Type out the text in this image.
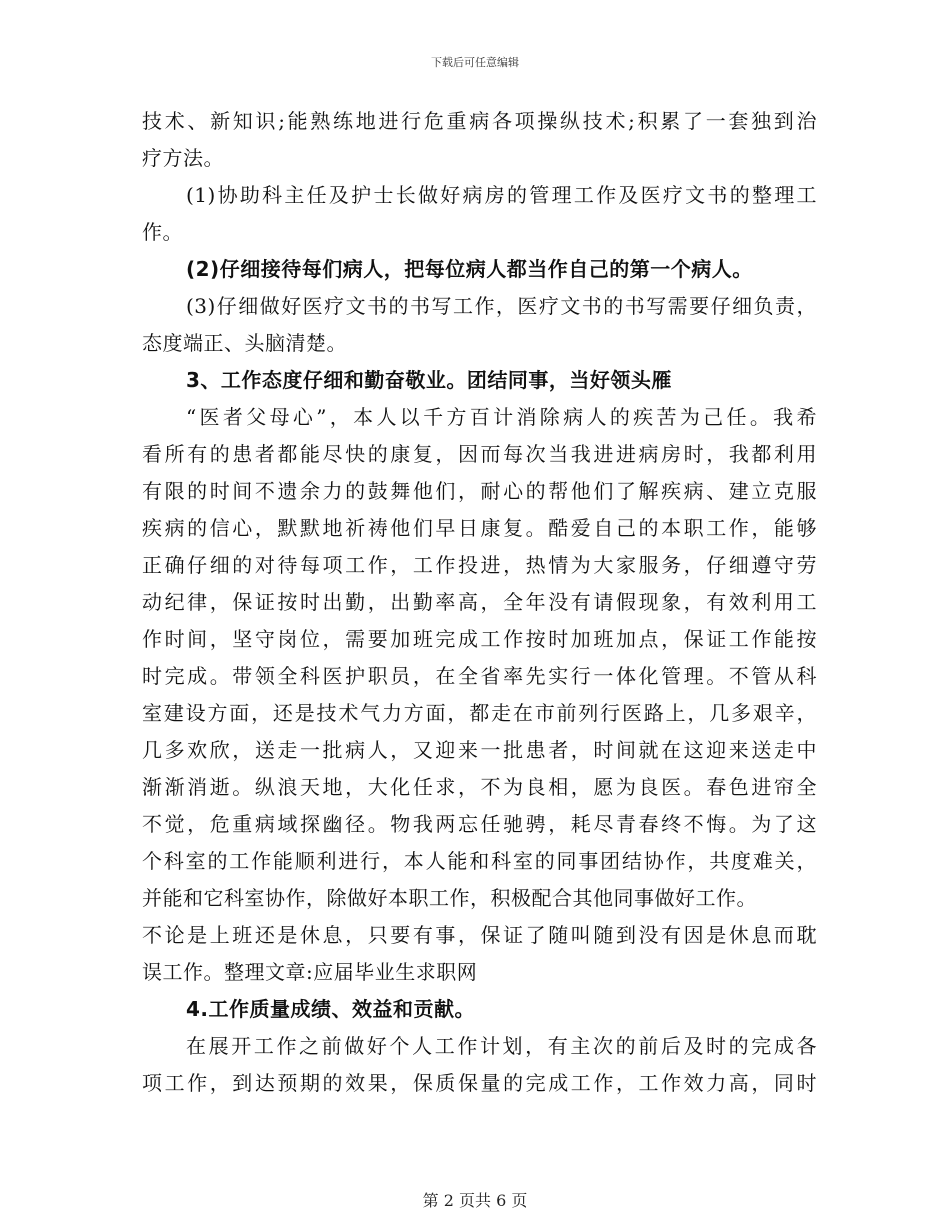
下载后可任意编辑
技术、新知识;能熟练地进行危重病各项操纵技术;积累了一套独到治
疗方法。
(1)协助科主任及护士长做好病房的管理工作及医疗文书的整理工
作。
(2)仔细接待每们病人，把每位病人都当作自己的第一个病人。
(3)仔细做好医疗文书的书写工作，医疗文书的书写需要仔细负责，
态度端正、头脑清楚。
3、工作态度仔细和勤奋敬业。团结同事，当好领头雁
“医者父母心”，本人以千方百计消除病人的疾苦为己任。我希
看所有的患者都能尽快的康复，因而每次当我进进病房时，我都利用
有限的时间不遗余力的鼓舞他们，耐心的帮他们了解疾病、建立克服
疾病的信心，默默地祈祷他们早日康复。酷爱自己的本职工作，能够
正确仔细的对待每项工作，工作投进，热情为大家服务，仔细遵守劳
动纪律，保证按时出勤，出勤率高，全年没有请假现象，有效利用工
作时间，坚守岗位，需要加班完成工作按时加班加点，保证工作能按
时完成。带领全科医护职员，在全省率先实行一体化管理。不管从科
室建设方面，还是技术气力方面，都走在市前列行医路上，几多艰辛，
几多欢欣，送走一批病人，又迎来一批患者，时间就在这迎来送走中
渐渐消逝。纵浪天地，大化任求，不为良相，愿为良医。春色进帘全
不觉，危重病域探幽径。物我两忘任驰骋，耗尽青春终不悔。为了这
个科室的工作能顺利进行，本人能和科室的同事团结协作，共度难关，
并能和它科室协作，除做好本职工作，积极配合其他同事做好工作。
不论是上班还是休息，只要有事，保证了随叫随到没有因是休息而耽
误工作。整理文章:应届毕业生求职网
4.工作质量成绩、效益和贡献。
在展开工作之前做好个人工作计划，有主次的前后及时的完成各
项工作，到达预期的效果，保质保量的完成工作，工作效力高，同时
第 2 页共 6 页
